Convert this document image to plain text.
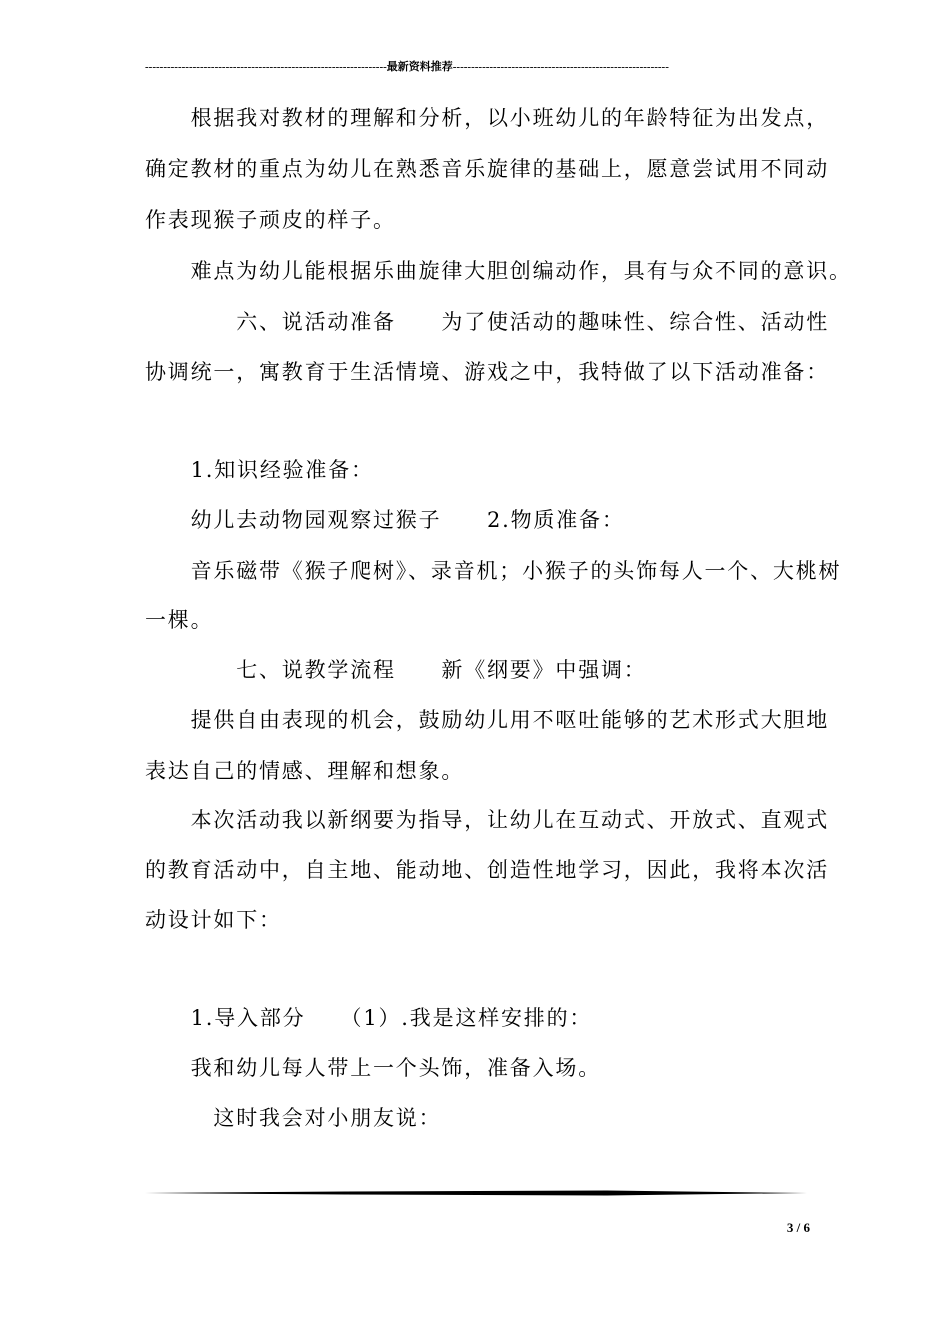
------------------------------------------------------------------最新资料推荐-----------------------------------------------------------
　　根据我对教材的理解和分析，以小班幼儿的年龄特征为出发点，
确定教材的重点为幼儿在熟悉音乐旋律的基础上，愿意尝试用不同动
作表现猴子顽皮的样子。
　　难点为幼儿能根据乐曲旋律大胆创编动作，具有与众不同的意识。
　　　　六、说活动准备　　为了使活动的趣味性、综合性、活动性
协调统一，寓教育于生活情境、游戏之中，我特做了以下活动准备：
　　1.知识经验准备：
　　幼儿去动物园观察过猴子　　2.物质准备：
　　音乐磁带《猴子爬树》、录音机；小猴子的头饰每人一个、大桃树
一棵。
　　　　七、说教学流程　　新《纲要》中强调：
　　提供自由表现的机会，鼓励幼儿用不呕吐能够的艺术形式大胆地
表达自己的情感、理解和想象。
　　本次活动我以新纲要为指导，让幼儿在互动式、开放式、直观式
的教育活动中，自主地、能动地、创造性地学习，因此，我将本次活
动设计如下：
　　1.导入部分　　（1）.我是这样安排的：
　　我和幼儿每人带上一个头饰，准备入场。
　　　这时我会对小朋友说：
3 / 6
